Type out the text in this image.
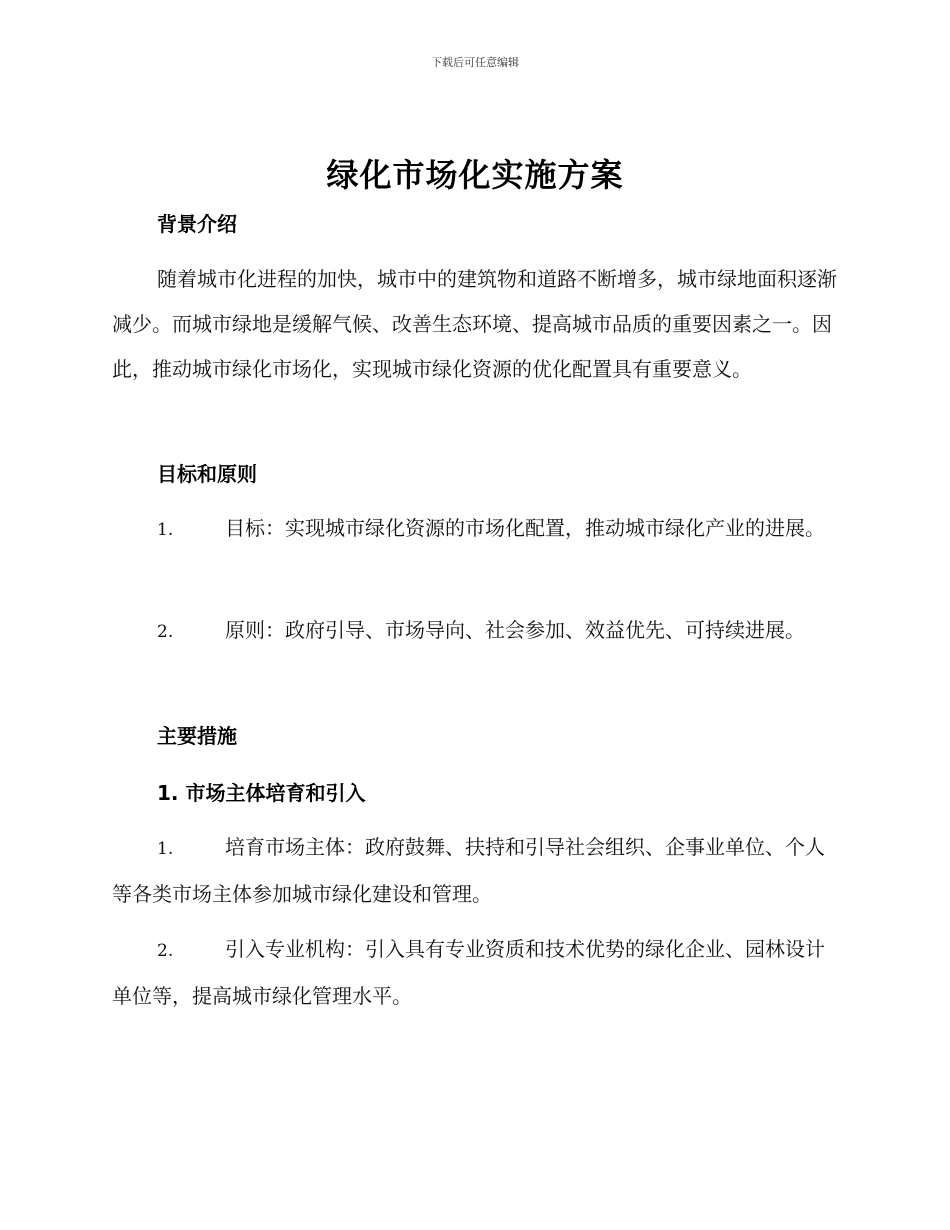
下载后可任意编辑
绿化市场化实施方案
背景介绍

随着城市化进程的加快，城市中的建筑物和道路不断增多，城市绿地面积逐渐减少。而城市绿地是缓解气候、改善生态环境、提高城市品质的重要因素之一。因此，推动城市绿化市场化，实现城市绿化资源的优化配置具有重要意义。

目标和原则

1.	目标：实现城市绿化资源的市场化配置，推动城市绿化产业的进展。

2.	原则：政府引导、市场导向、社会参加、效益优先、可持续进展。

主要措施
1. 市场主体培育和引入

1.	培育市场主体：政府鼓舞、扶持和引导社会组织、企事业单位、个人等各类市场主体参加城市绿化建设和管理。

2.	引入专业机构：引入具有专业资质和技术优势的绿化企业、园林设计单位等，提高城市绿化管理水平。
